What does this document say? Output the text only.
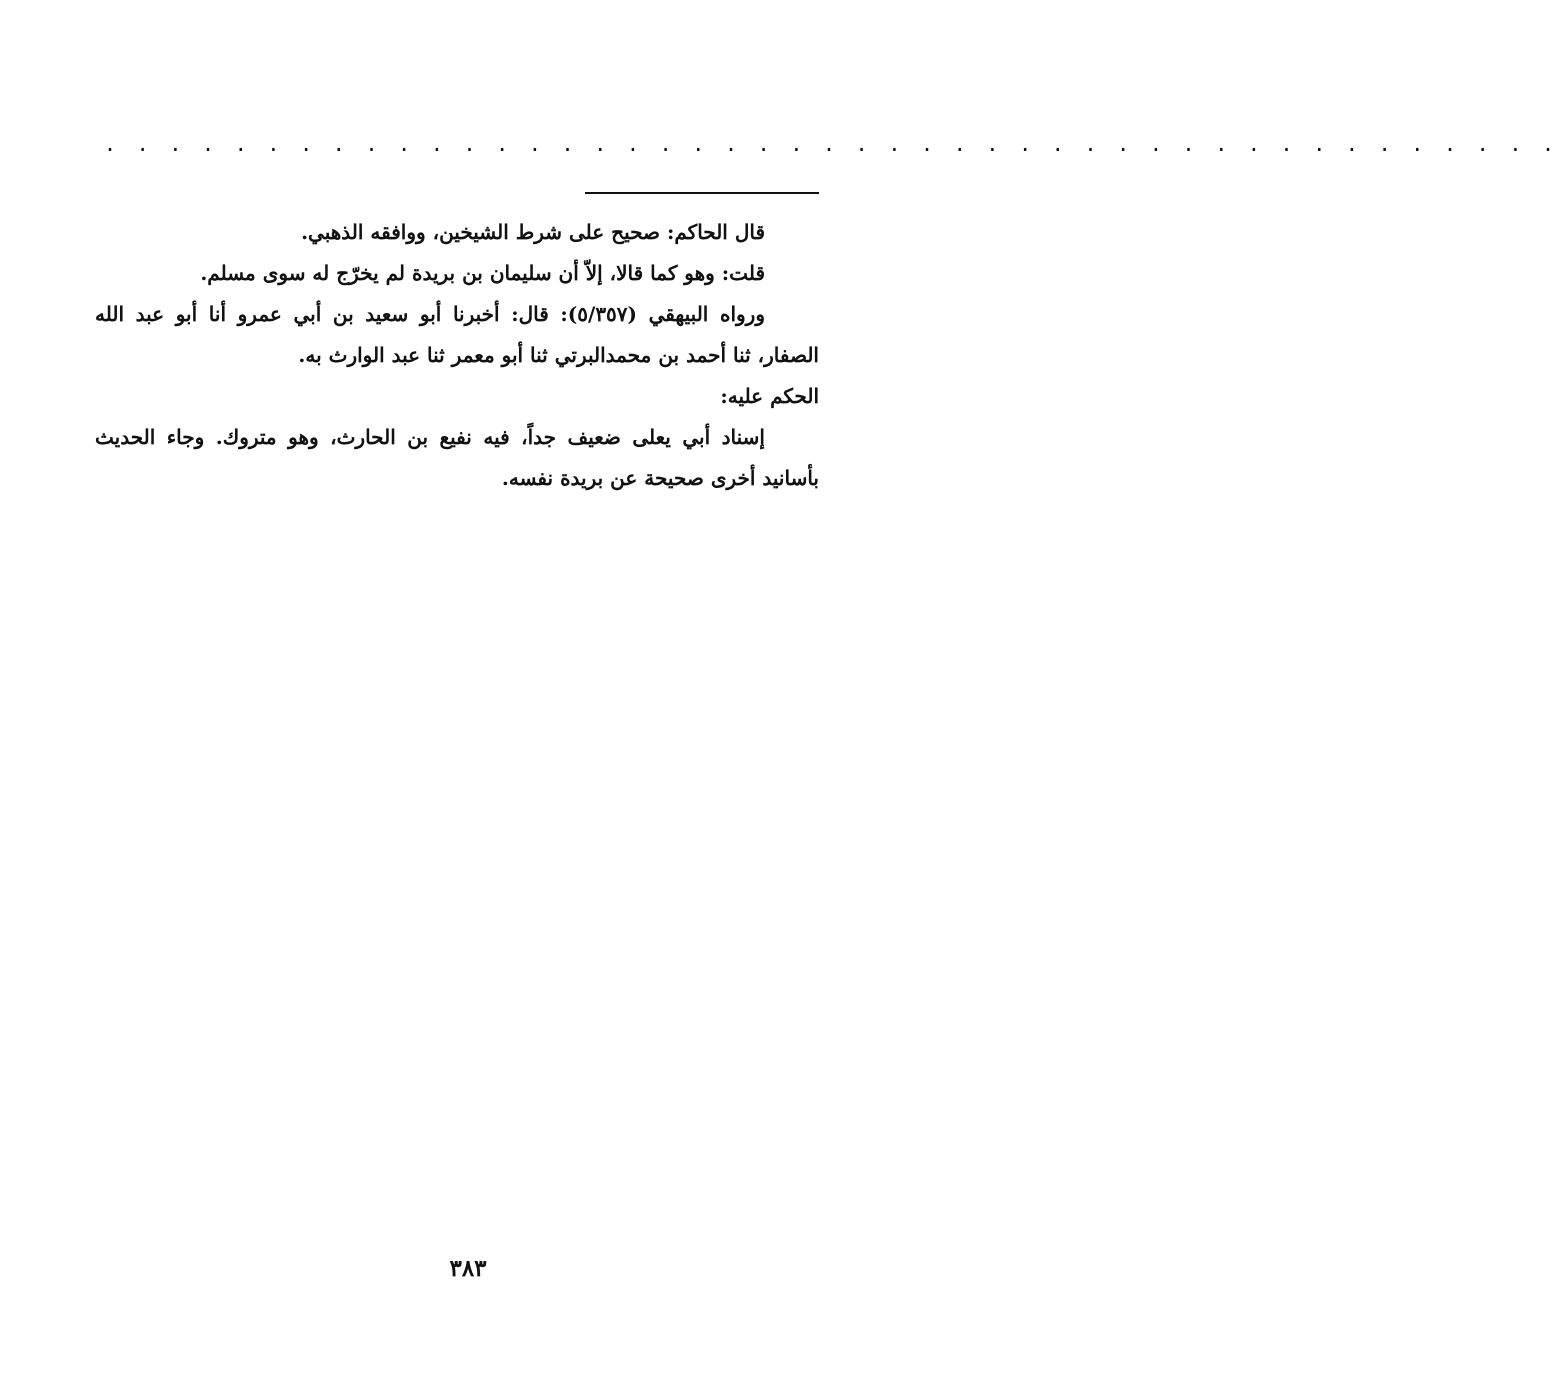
. . . . . . . . . . . . . . . . . . . . . . . . . . . . . . . . . . . . . . . . . . . . .

قال الحاكم: صحيح على شرط الشيخين، ووافقه الذهبي.

قلت: وهو كما قالا، إلاّ أن سليمان بن بريدة لم يخرّج له سوى مسلم.

ورواه البيهقي (٥/٣٥٧): قال: أخبرنا أبو سعيد بن أبي عمرو أنا أبو عبد الله الصفار، ثنا أحمد بن محمدالبرتي ثنا أبو معمر ثنا عبد الوارث به.

الحكم عليه:

إسناد أبي يعلى ضعيف جداً، فيه نفيع بن الحارث، وهو متروك. وجاء الحديث بأسانيد أخرى صحيحة عن بريدة نفسه.

٣٨٣
